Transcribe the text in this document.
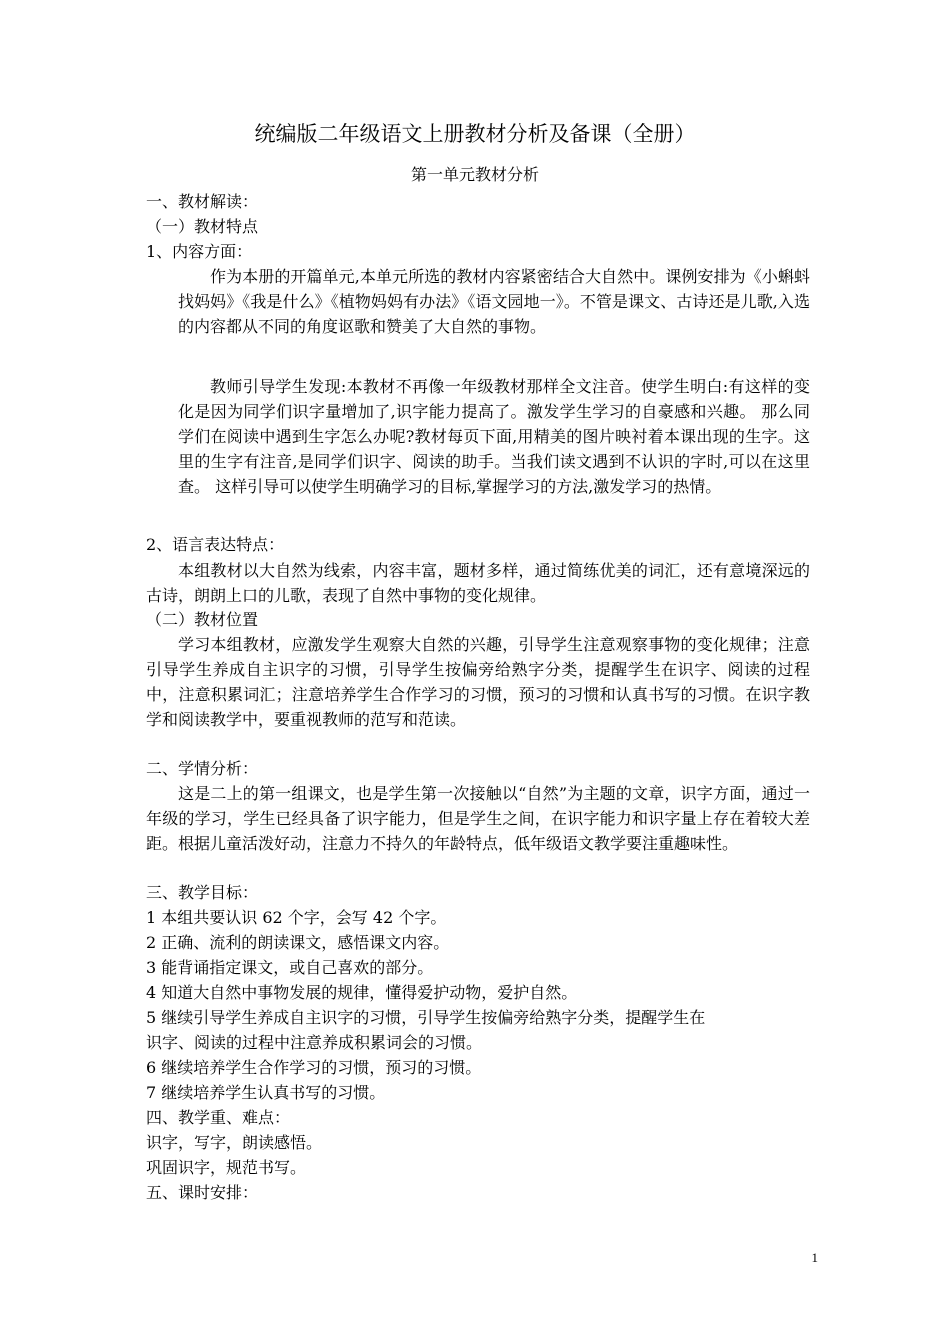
统编版二年级语文上册教材分析及备课（全册）
第一单元教材分析
一、教材解读：
（一）教材特点
1、内容方面：

作为本册的开篇单元,本单元所选的教材内容紧密结合大自然中。课例安排为《小蝌蚪找妈妈》《我是什么》《植物妈妈有办法》《语文园地一》。不管是课文、古诗还是儿歌,入选的内容都从不同的角度讴歌和赞美了大自然的事物。

教师引导学生发现:本教材不再像一年级教材那样全文注音。使学生明白:有这样的变化是因为同学们识字量增加了,识字能力提高了。激发学生学习的自豪感和兴趣。 那么同学们在阅读中遇到生字怎么办呢?教材每页下面,用精美的图片映衬着本课出现的生字。这里的生字有注音,是同学们识字、阅读的助手。当我们读文遇到不认识的字时,可以在这里查。 这样引导可以使学生明确学习的目标,掌握学习的方法,激发学习的热情。

2、语言表达特点：

本组教材以大自然为线索，内容丰富，题材多样，通过简练优美的词汇，还有意境深远的古诗，朗朗上口的儿歌，表现了自然中事物的变化规律。

（二）教材位置

学习本组教材，应激发学生观察大自然的兴趣，引导学生注意观察事物的变化规律；注意引导学生养成自主识字的习惯，引导学生按偏旁给熟字分类，提醒学生在识字、阅读的过程中，注意积累词汇；注意培养学生合作学习的习惯，预习的习惯和认真书写的习惯。在识字教学和阅读教学中，要重视教师的范写和范读。

二、学情分析：

这是二上的第一组课文，也是学生第一次接触以“自然”为主题的文章，识字方面，通过一年级的学习，学生已经具备了识字能力，但是学生之间，在识字能力和识字量上存在着较大差距。根据儿童活泼好动，注意力不持久的年龄特点，低年级语文教学要注重趣味性。

三、教学目标：
1 本组共要认识 62 个字，会写 42 个字。
2 正确、流利的朗读课文，感悟课文内容。
3 能背诵指定课文，或自己喜欢的部分。
4 知道大自然中事物发展的规律，懂得爱护动物，爱护自然。
5 继续引导学生养成自主识字的习惯，引导学生按偏旁给熟字分类，提醒学生在
识字、阅读的过程中注意养成积累词会的习惯。
6 继续培养学生合作学习的习惯，预习的习惯。
7 继续培养学生认真书写的习惯。
四、教学重、难点：
识字，写字，朗读感悟。
巩固识字，规范书写。
五、课时安排：
1
